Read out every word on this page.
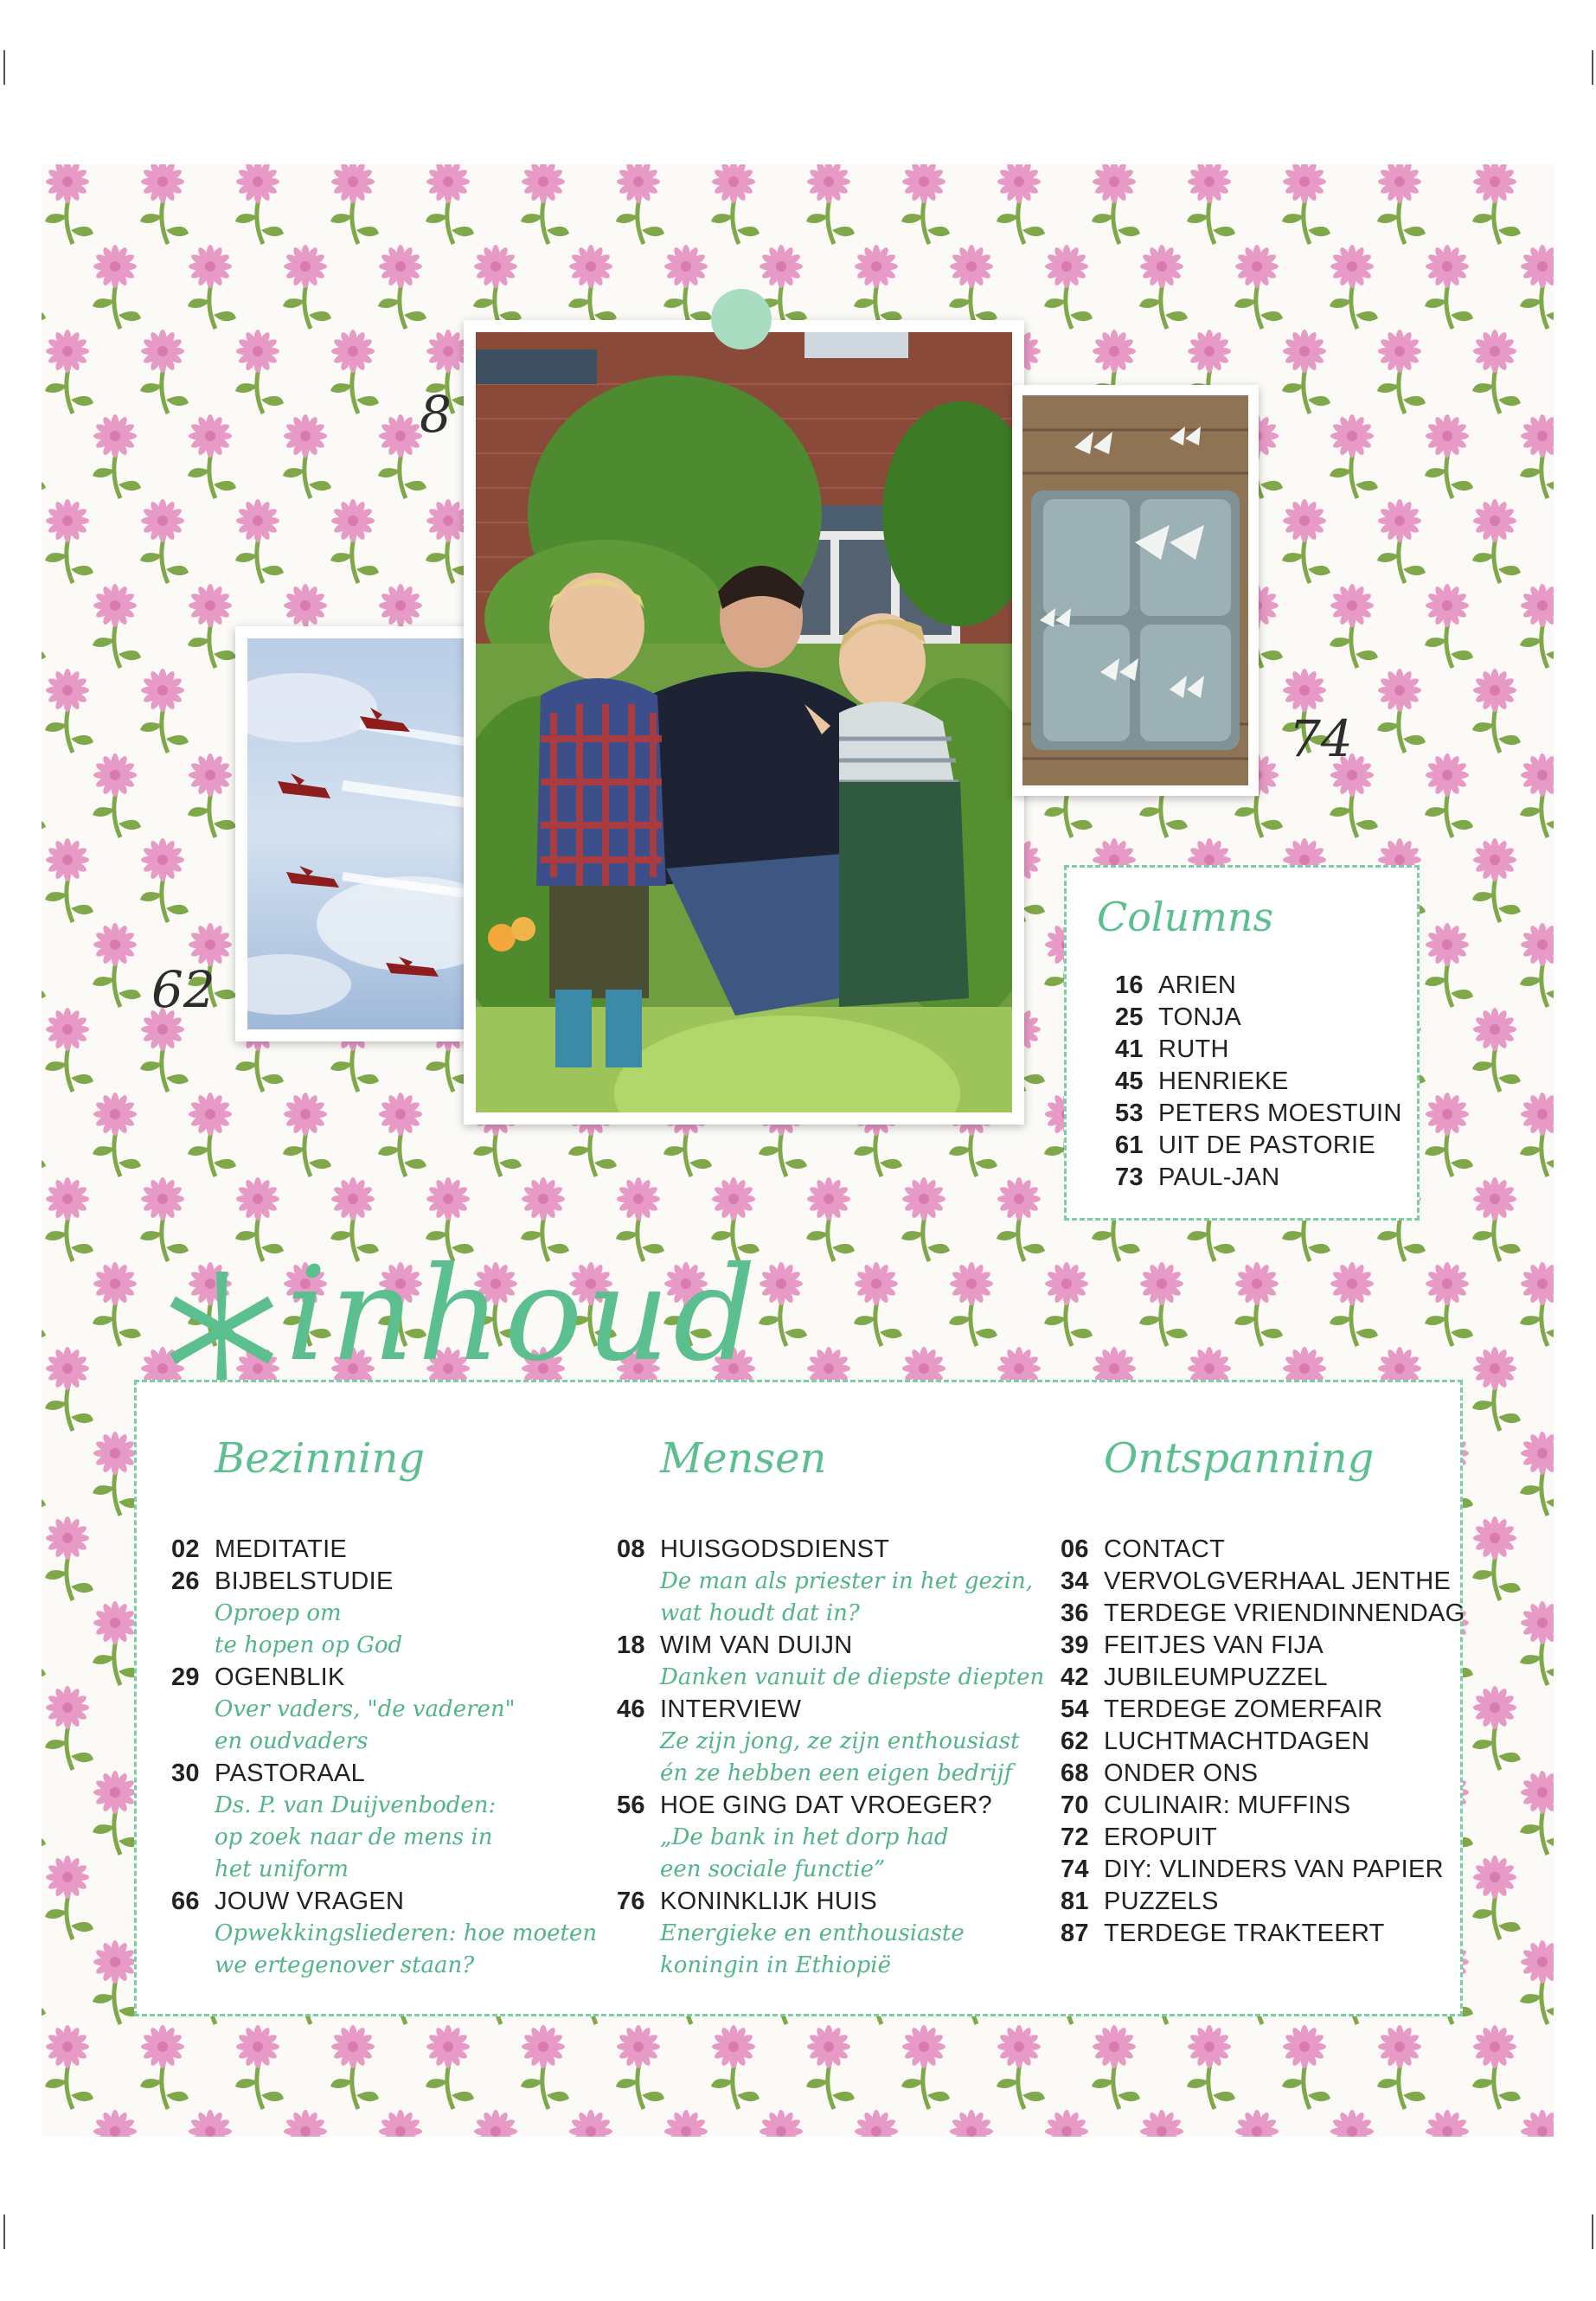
62
8
74
Columns
16 ARIEN
25 TONJA
41 RUTH
45 HENRIEKE
53 PETERS MOESTUIN
61 UIT DE PASTORIE
73 PAUL-JAN
inhoud
Bezinning
02 MEDITATIE
26 BIJBELSTUDIE
Oproep om
te hopen op God
29 OGENBLIK
Over vaders, "de vaderen"
en oudvaders
30 PASTORAAL
Ds. P. van Duijvenboden:
op zoek naar de mens in
het uniform
66 JOUW VRAGEN
Opwekkingsliederen: hoe moeten
we ertegenover staan?
Mensen
08 HUISGODSDIENST
De man als priester in het gezin,
wat houdt dat in?
18 WIM VAN DUIJN
Danken vanuit de diepste diepten
46 INTERVIEW
Ze zijn jong, ze zijn enthousiast
én ze hebben een eigen bedrijf
56 HOE GING DAT VROEGER?
„De bank in het dorp had
een sociale functie”
76 KONINKLIJK HUIS
Energieke en enthousiaste
koningin in Ethiopië
Ontspanning
06 CONTACT
34 VERVOLGVERHAAL JENTHE
36 TERDEGE VRIENDINNENDAG
39 FEITJES VAN FIJA
42 JUBILEUMPUZZEL
54 TERDEGE ZOMERFAIR
62 LUCHTMACHTDAGEN
68 ONDER ONS
70 CULINAIR: MUFFINS
72 EROPUIT
74 DIY: VLINDERS VAN PAPIER
81 PUZZELS
87 TERDEGE TRAKTEERT
